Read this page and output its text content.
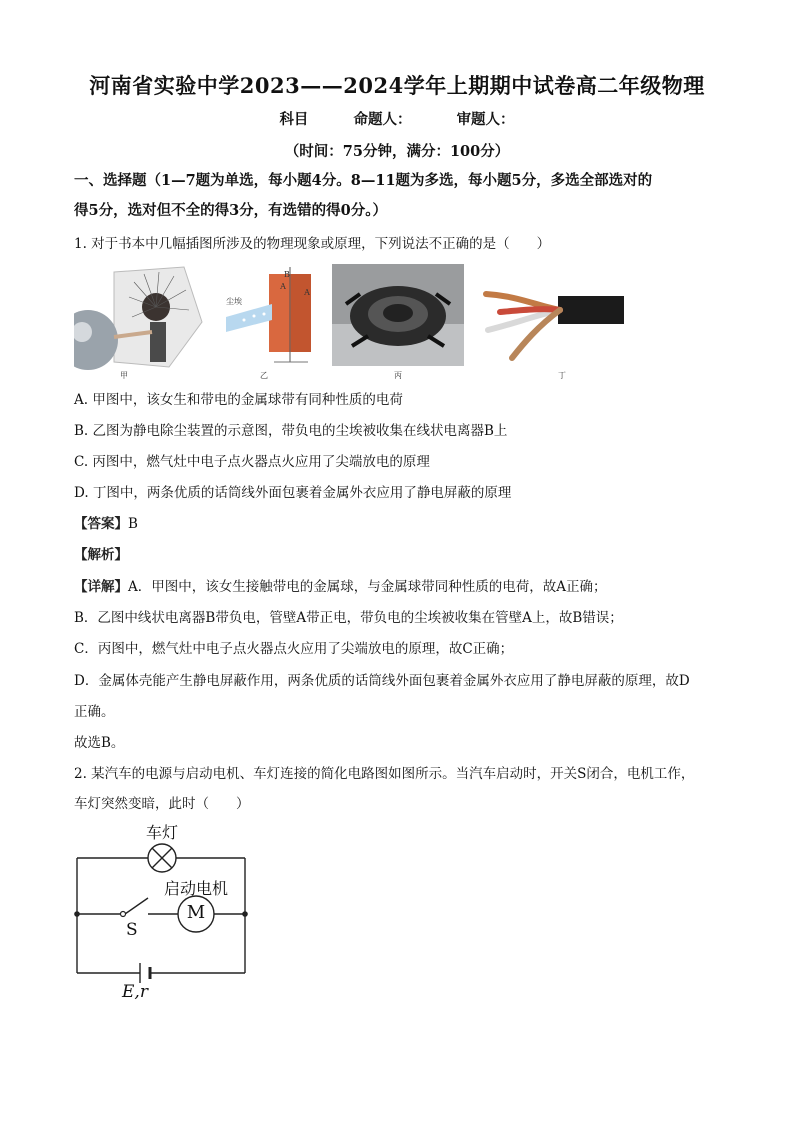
河南省实验中学2023——2024学年上期期中试卷高二年级物理
科目	命题人：	审题人：
（时间：75分钟，满分：100分）
一、选择题（1—7题为单选，每小题4分。8—11题为多选，每小题5分，多选全部选对的
得5分，选对但不全的得3分，有选错的得0分。）
1. 对于书本中几幅插图所涉及的物理现象或原理，下列说法不正确的是（　　）
甲
尘埃
A
A
B
乙	丙	丁
A. 甲图中，该女生和带电的金属球带有同种性质的电荷
B. 乙图为静电除尘装置的示意图，带负电的尘埃被收集在线状电离器B上
C. 丙图中，燃气灶中电子点火器点火应用了尖端放电的原理
D. 丁图中，两条优质的话筒线外面包裹着金属外衣应用了静电屏蔽的原理
【答案】B
【解析】
【详解】A．甲图中，该女生接触带电的金属球，与金属球带同种性质的电荷，故A正确；
B．乙图中线状电离器B带负电，管壁A带正电，带负电的尘埃被收集在管壁A上，故B错误；
C．丙图中，燃气灶中电子点火器点火应用了尖端放电的原理，故C正确；
D．金属体壳能产生静电屏蔽作用，两条优质的话筒线外面包裹着金属外衣应用了静电屏蔽的原理，故D
正确。
故选B。
2. 某汽车的电源与启动电机、车灯连接的简化电路图如图所示。当汽车启动时，开关S闭合，电机工作，
车灯突然变暗，此时（　　）
车灯
启动电机
M
S
E,r
